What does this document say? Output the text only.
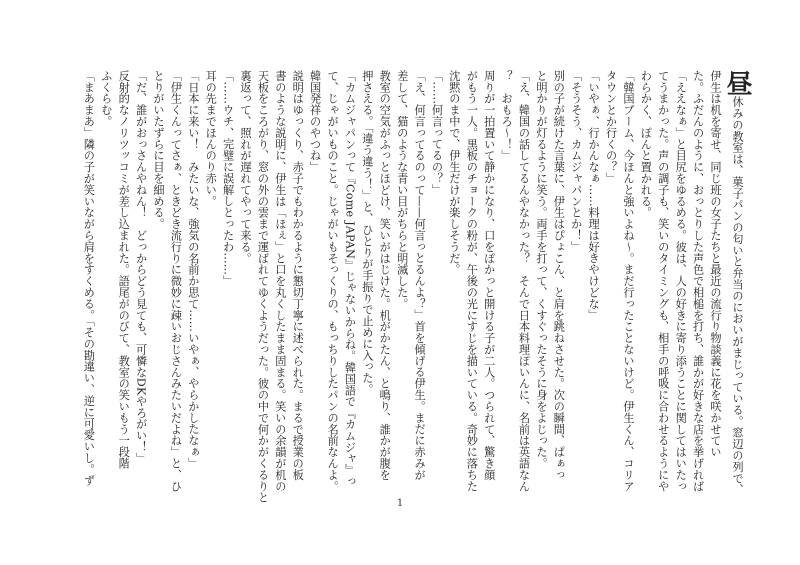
昼休みの教室は、菓子パンの匂いと弁当のにおいがまじっている。窓辺の列で、
伊生は机を寄せ、同じ班の女子たちと最近の流行り物談義に花を咲かせてい
た。ふだんのように、おっとりした声色で相槌を打ち、誰かが好きな店を挙げれば
「ええなぁ」と目尻をゆるめる。彼は、人の好きに寄り添うことに関してはいたっ
てうまかった。声の調子も、笑いのタイミングも、相手の呼吸に合わせるようにや
わらかく、ぽんと置かれる。
「韓国ブーム、今ほんと強いよね〜。まだ行ったことないけど。伊生くん、コリア
タウンとか行くの？」
「いやぁ、行かんなぁ……料理は好きやけどな」
「そうそう、カムジャパンとか！」
別の子が続けた言葉に、伊生はぴょこん、と肩を跳ねさせた。次の瞬間、ぱぁっ
と明かりが灯るように笑う。両手を打って、くすぐったそうに身をよじった。
「え、韓国の話してるんやなかった？　そんで日本料理ぽいんに、名前は英語なん
？　おもろ〜！」
周りが一拍置いて静かになり、口をぽかっと開ける子が二人。つられて、驚き顔
がもう一人。黒板のチョークの粉が、午後の光にすじを描いている。奇妙に落ちた
沈黙のま中で、伊生だけが楽しそうだ。
「……何言ってるの？」
「え、何言ってるのって——何言っとるんよ？」首を傾げる伊生。まだに赤みが
差して、猫のような青い目がちらと明滅した。
教室の空気がふっとほどけ、笑いがはじけた。机がかたん、と鳴り、誰かが腹を
押さえる。「違う違う！」と、ひとりが手振りで止めに入った。
「カムジャパンって『Come JAPAN』じゃないからね。韓国語で『カムジャ』っ
て、じゃがいものこと。じゃがいもそっくりの、もっちりしたパンの名前なんよ。
韓国発祥のやつね」
説明はゆっくり、赤子でもわかるように懇切丁寧に述べられた。まるで授業の板
書のような説明に、伊生は「ほぇ」と口を丸くしたまま固まる。笑いの余韻が机の
天板をころがり、窓の外の雲まで運ばれてゆくようだった。彼の中で何かがくるりと
裏返って、照れが遅れてやって来る。
「……ウチ、完璧に誤解しとったわ……」
耳の先までほんのり赤い。
「日本に来い！　みたいな、強気の名前か思て……いやぁ、やらかしたなぁ」
「伊生くんってさぁ、ときどき流行りに微妙に疎いおじさんみたいだよね」と、ひ
とりがいたずらに目を細める。
「だ、誰がおっさんやねん！　どっからどう見ても、可憐なDKやろがい！」
反射的なノリツッコミが差し込まれた。語尾がのびて、教室の笑いもう一段階
ふくらむ。
「まあまあ」隣の子が笑いながら肩をすくめる。「その勘違い、逆に可愛いし。ず
1
